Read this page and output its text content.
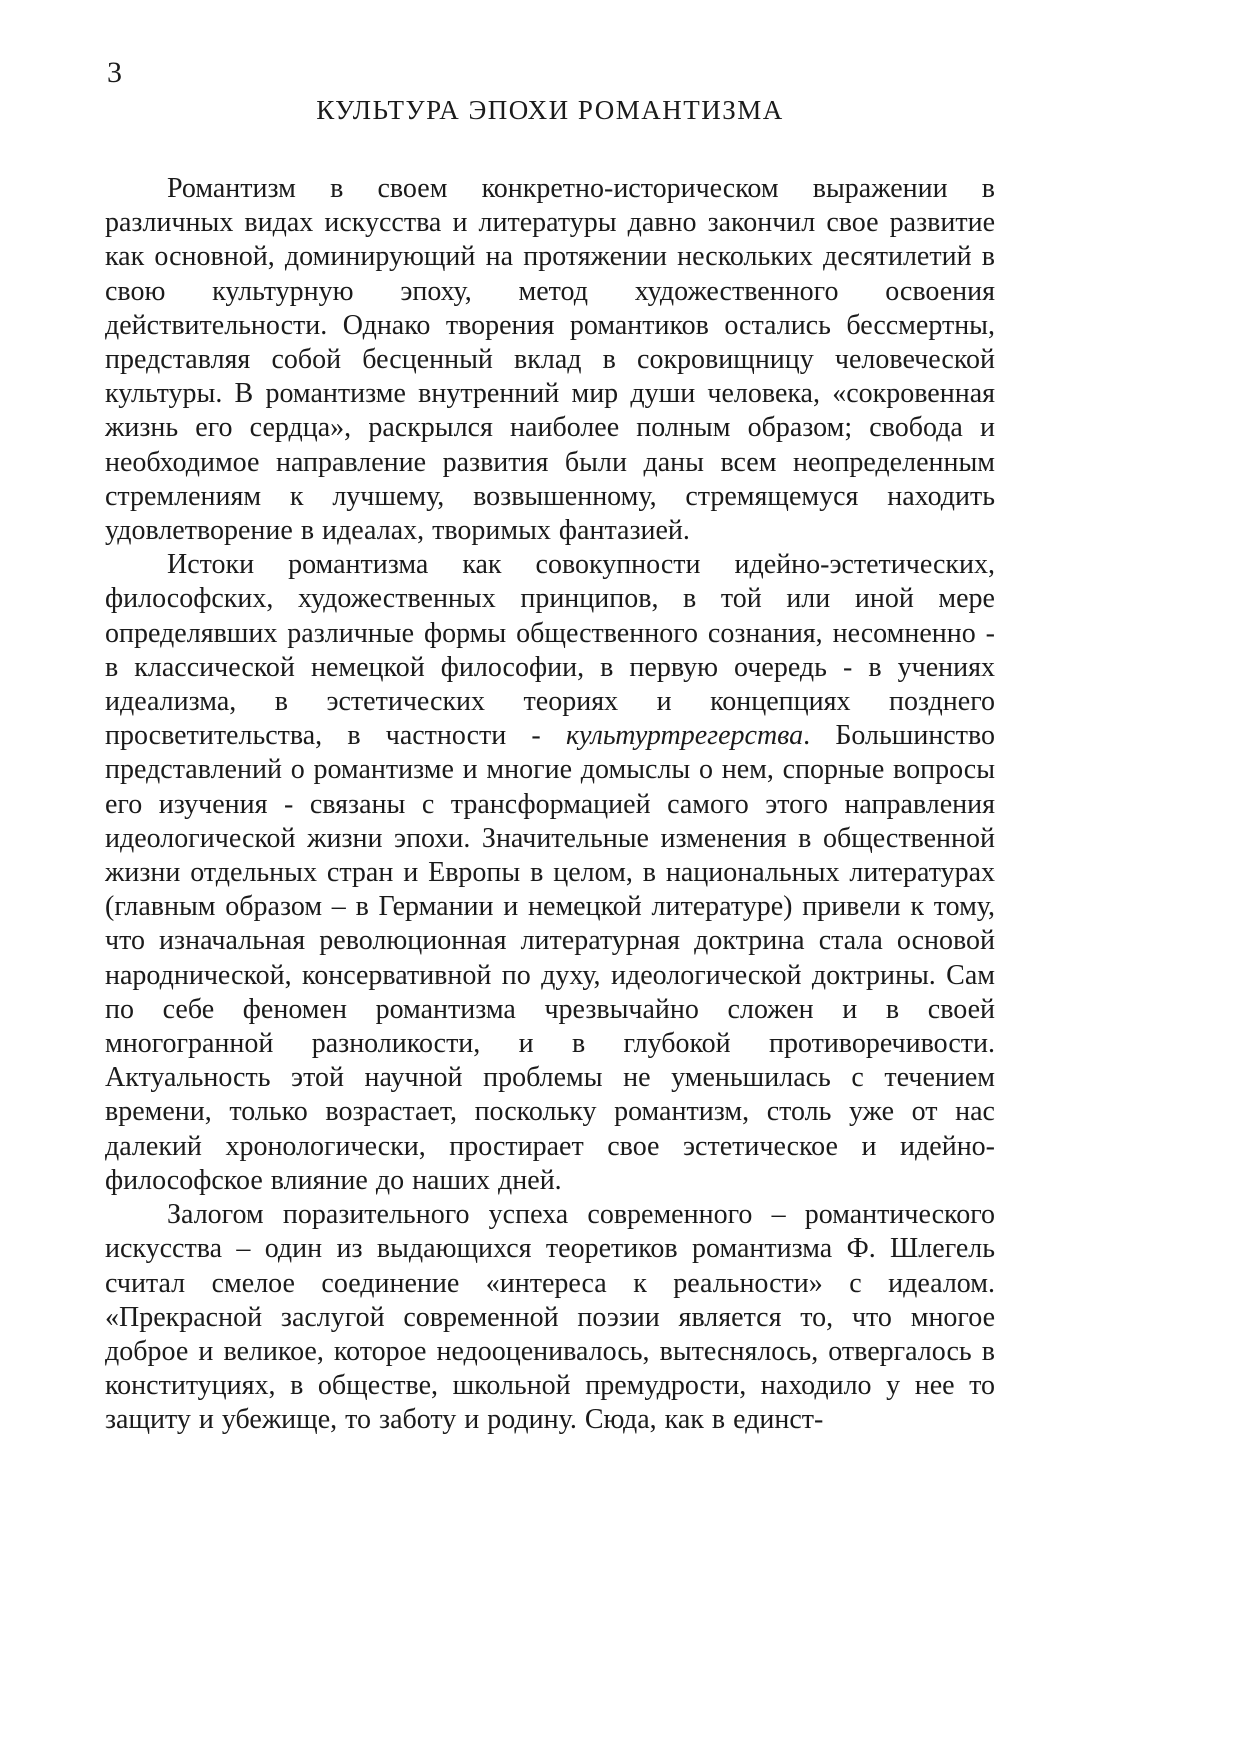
3
КУЛЬТУРА ЭПОХИ РОМАНТИЗМА

Романтизм в своем конкретно-историческом выражении в различных видах искусства и литературы давно закончил свое развитие как основной, доминирующий на протяжении нескольких десятилетий в свою культурную эпоху, метод художественного освоения действительности. Однако творения романтиков остались бессмертны, представляя собой бесценный вклад в сокровищницу человеческой культуры. В романтизме внутренний мир души человека, «сокровенная жизнь его сердца», раскрылся наиболее полным образом; свобода и необходимое направление развития были даны всем неопределенным стремлениям к лучшему, возвышенному, стремящемуся находить удовлетворение в идеалах, творимых фантазией.

Истоки романтизма как совокупности идейно-эстетических, философских, художественных принципов, в той или иной мере определявших различные формы общественного сознания, несомненно - в классической немецкой философии, в первую очередь - в учениях идеализма, в эстетических теориях и концепциях позднего просветительства, в частности - культуртрегерства. Большинство представлений о романтизме и многие домыслы о нем, спорные вопросы его изучения - связаны с трансформацией самого этого направления идеологической жизни эпохи. Значительные изменения в общественной жизни отдельных стран и Европы в целом, в национальных литературах (главным образом – в Германии и немецкой литературе) привели к тому, что изначальная революционная литературная доктрина стала основой народнической, консервативной по духу, идеологической доктрины. Сам по себе феномен романтизма чрезвычайно сложен и в своей многогранной разноликости, и в глубокой противоречивости. Актуальность этой научной проблемы не уменьшилась с течением времени, только возрастает, поскольку романтизм, столь уже от нас далекий хронологически, простирает свое эстетическое и идейно-философское влияние до наших дней.

Залогом поразительного успеха современного – романтического искусства – один из выдающихся теоретиков романтизма Ф. Шлегель считал смелое соединение «интереса к реальности» с идеалом. «Прекрасной заслугой современной поэзии является то, что многое доброе и великое, которое недооценивалось, вытеснялось, отвергалось в конституциях, в обществе, школьной премудрости, находило у нее то защиту и убежище, то заботу и родину. Сюда, как в единст-
